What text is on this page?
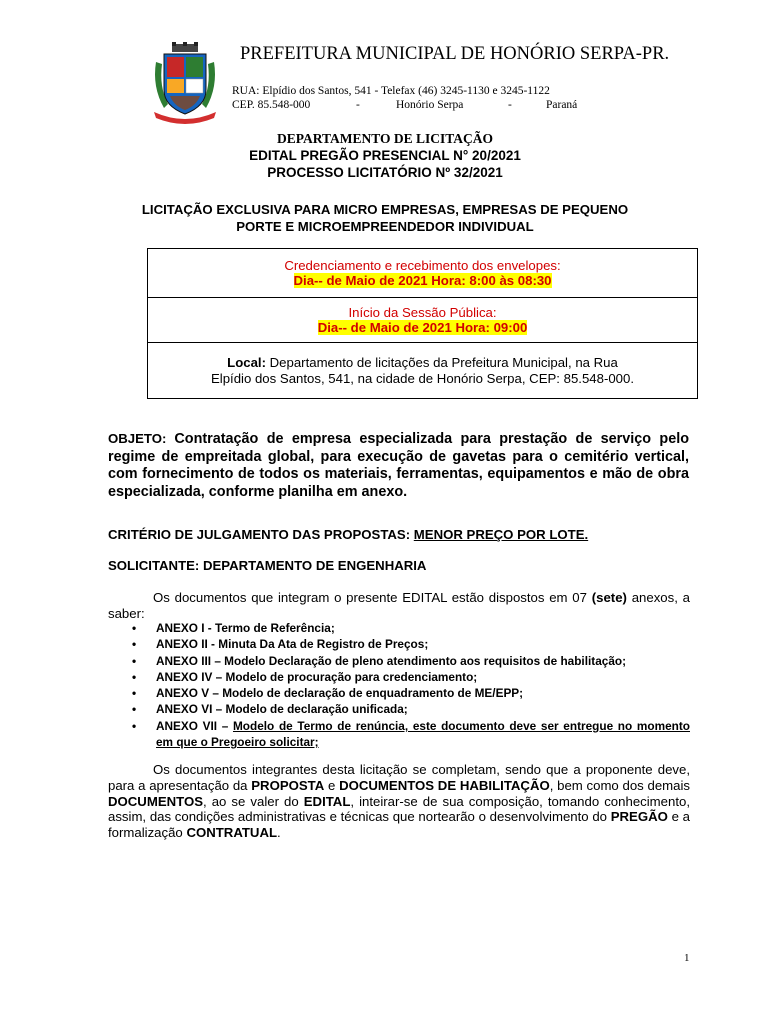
PREFEITURA MUNICIPAL DE HONÓRIO SERPA-PR.
RUA: Elpídio dos Santos, 541 - Telefax (46) 3245-1130 e 3245-1122
CEP. 85.548-000	-	Honório Serpa	-	Paraná
DEPARTAMENTO DE LICITAÇÃO
EDITAL PREGÃO PRESENCIAL N° 20/2021
PROCESSO LICITATÓRIO Nº 32/2021
LICITAÇÃO EXCLUSIVA PARA MICRO EMPRESAS, EMPRESAS DE PEQUENO
PORTE E MICROEMPREENDEDOR INDIVIDUAL
Credenciamento e recebimento dos envelopes:
Dia-- de Maio de 2021 Hora: 8:00 às 08:30

Início da Sessão Pública:
Dia-- de Maio de 2021 Hora: 09:00

Local: Departamento de licitações da Prefeitura Municipal, na Rua
Elpídio dos Santos, 541, na cidade de Honório Serpa, CEP: 85.548-000.
OBJETO: Contratação de empresa especializada para prestação de serviço pelo regime de empreitada global, para execução de gavetas para o cemitério vertical, com fornecimento de todos os materiais, ferramentas, equipamentos e mão de obra especializada, conforme planilha em anexo.
CRITÉRIO DE JULGAMENTO DAS PROPOSTAS: MENOR PREÇO POR LOTE.
SOLICITANTE: DEPARTAMENTO DE ENGENHARIA
Os documentos que integram o presente EDITAL estão dispostos em 07 (sete) anexos, a saber:
• ANEXO I - Termo de Referência;
• ANEXO II - Minuta Da Ata de Registro de Preços;
• ANEXO III – Modelo Declaração de pleno atendimento aos requisitos de habilitação;
• ANEXO IV – Modelo de procuração para credenciamento;
• ANEXO V – Modelo de declaração de enquadramento de ME/EPP;
• ANEXO VI – Modelo de declaração unificada;
• ANEXO VII – Modelo de Termo de renúncia, este documento deve ser entregue no momento em que o Pregoeiro solicitar;
Os documentos integrantes desta licitação se completam, sendo que a proponente deve, para a apresentação da PROPOSTA e DOCUMENTOS DE HABILITAÇÃO, bem como dos demais DOCUMENTOS, ao se valer do EDITAL, inteirar-se de sua composição, tomando conhecimento, assim, das condições administrativas e técnicas que nortearão o desenvolvimento do PREGÃO e a formalização CONTRATUAL.
1
